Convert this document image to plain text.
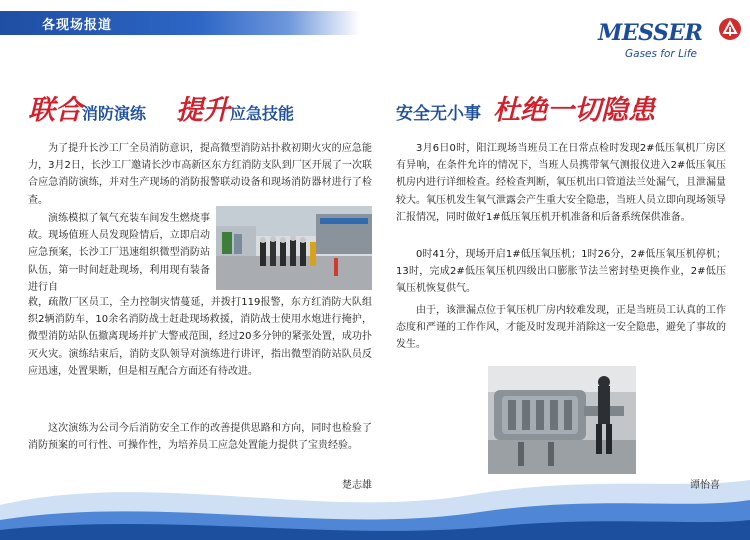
各现场报道	MESSER
Gases for Life
联合消防演练 提升应急技能

为了提升长沙工厂全员消防意识，提高微型消防站扑救初期火灾的应急能力，3月2日，长沙工厂邀请长沙市高新区东方红消防支队到厂区开展了一次联合应急消防演练，并对生产现场的消防报警联动设备和现场消防器材进行了检查。

演练模拟了氧气充装车间发生燃烧事故。现场值班人员发现险情后，立即启动应急预案，长沙工厂迅速组织微型消防站队伍，第一时间赶赴现场，利用现有装备进行自

救，疏散厂区员工，全力控制灾情蔓延，并拨打119报警，东方红消防大队组织2辆消防车，10余名消防战士赶赴现场救援，消防战士使用水炮进行掩护，微型消防站队伍撤离现场并扩大警戒范围，经过20多分钟的紧张处置，成功扑灭火灾。演练结束后，消防支队领导对演练进行讲评，指出微型消防站队员反应迅速，处置果断，但是相互配合方面还有待改进。

这次演练为公司今后消防安全工作的改善提供思路和方向，同时也检验了消防预案的可行性、可操作性，为培养员工应急处置能力提供了宝贵经验。

楚志雄
安全无小事 杜绝一切隐患

3月6日0时，阳江现场当班员工在日常点检时发现2#低压氧机厂房区有异响，在条件允许的情况下，当班人员携带氧气测报仪进入2#低压氧压机房内进行详细检查。经检查判断，氧压机出口管道法兰处漏气，且泄漏量较大。氧压机发生氧气泄露会产生重大安全隐患，当班人员立即向现场领导汇报情况，同时做好1#低压氧压机开机准备和后备系统保供准备。

0时41分，现场开启1#低压氧压机；1时26分，2#低压氧压机停机；13时，完成2#低压氧压机四级出口膨胀节法兰密封垫更换作业，2#低压氧压机恢复供气。

由于，该泄漏点位于氧压机厂房内较难发现，正是当班员工认真的工作态度和严谨的工作作风，才能及时发现并消除这一安全隐患，避免了事故的发生。

谭怡喜
